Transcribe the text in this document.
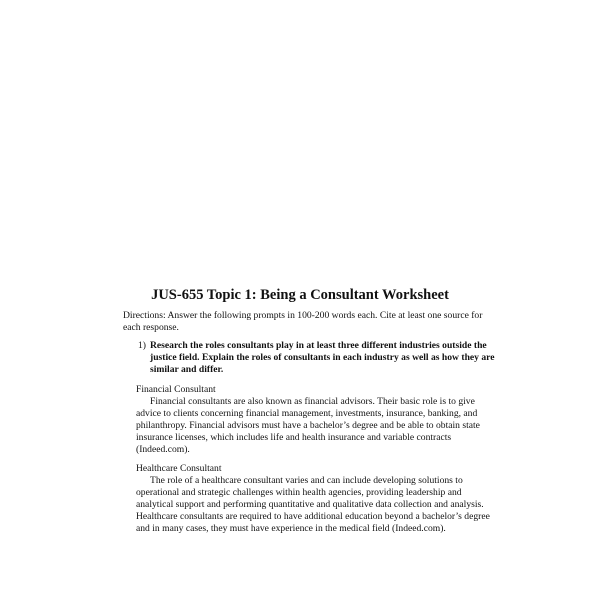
JUS-655 Topic 1: Being a Consultant Worksheet
Directions: Answer the following prompts in 100-200 words each. Cite at least one source for
each response.
1) Research the roles consultants play in at least three different industries outside the
justice field. Explain the roles of consultants in each industry as well as how they are
similar and differ.
Financial Consultant
Financial consultants are also known as financial advisors. Their basic role is to give
advice to clients concerning financial management, investments, insurance, banking, and
philanthropy. Financial advisors must have a bachelor’s degree and be able to obtain state
insurance licenses, which includes life and health insurance and variable contracts
(Indeed.com).
Healthcare Consultant
The role of a healthcare consultant varies and can include developing solutions to
operational and strategic challenges within health agencies, providing leadership and
analytical support and performing quantitative and qualitative data collection and analysis.
Healthcare consultants are required to have additional education beyond a bachelor’s degree
and in many cases, they must have experience in the medical field (Indeed.com).
